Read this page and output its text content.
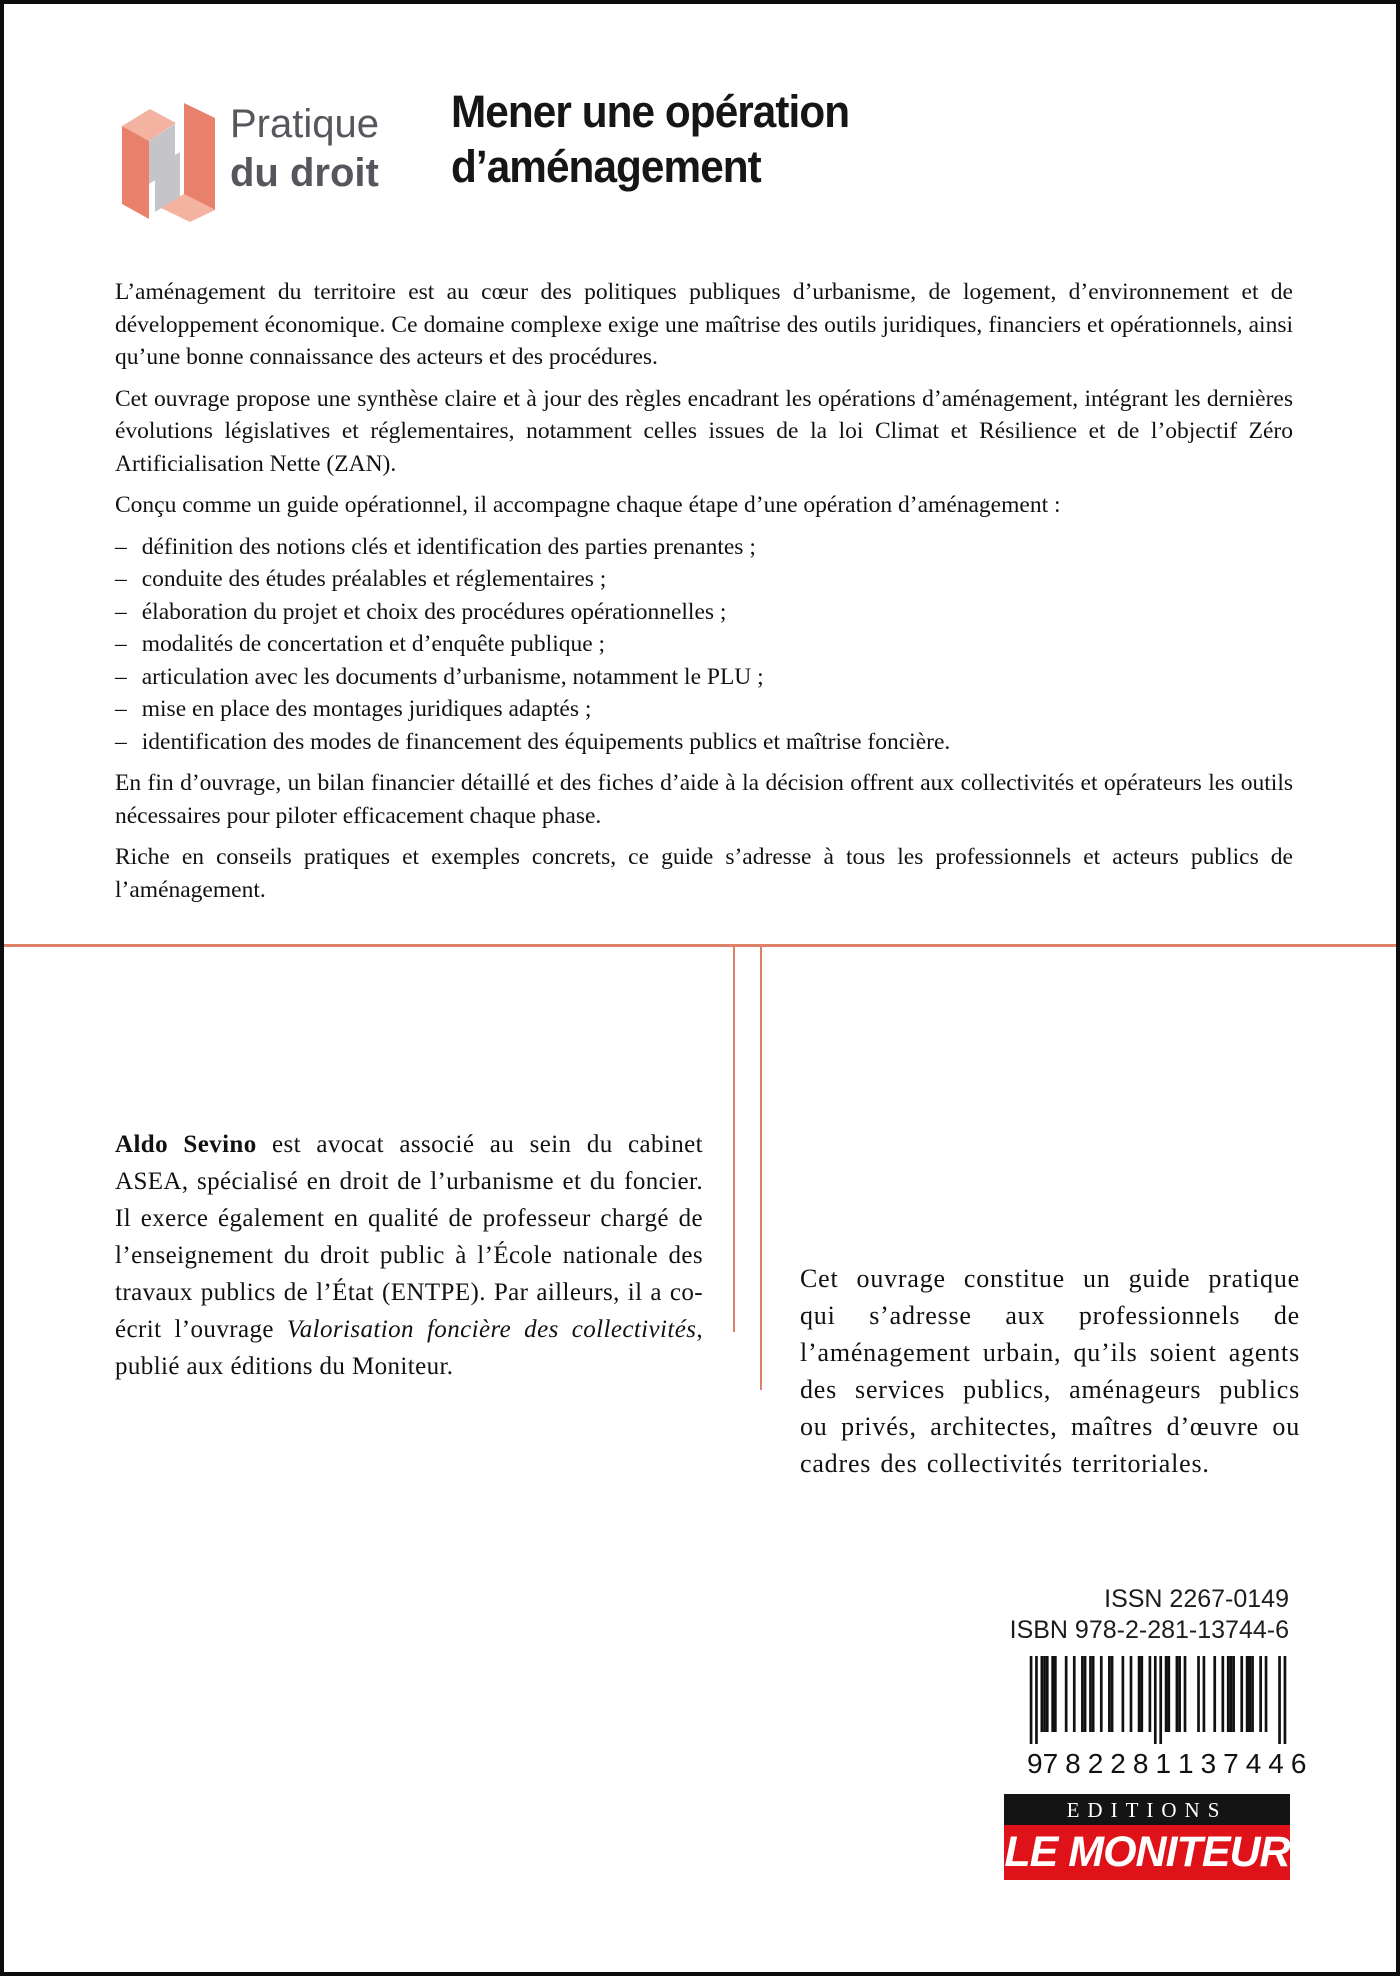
Pratique
du droit
Mener une opération
d’aménagement

L’aménagement du territoire est au cœur des politiques publiques d’urbanisme, de logement, d’environnement et de développement économique. Ce domaine complexe exige une maîtrise des outils juridiques, financiers et opérationnels, ainsi qu’une bonne connaissance des acteurs et des procédures.

Cet ouvrage propose une synthèse claire et à jour des règles encadrant les opérations d’aménagement, intégrant les dernières évolutions législatives et réglementaires, notamment celles issues de la loi Climat et Résilience et de l’objectif Zéro Artificialisation Nette (ZAN).

Conçu comme un guide opérationnel, il accompagne chaque étape d’une opération d’aménagement :

– définition des notions clés et identification des parties prenantes ;
– conduite des études préalables et réglementaires ;
– élaboration du projet et choix des procédures opérationnelles ;
– modalités de concertation et d’enquête publique ;
– articulation avec les documents d’urbanisme, notamment le PLU ;
– mise en place des montages juridiques adaptés ;
– identification des modes de financement des équipements publics et maîtrise foncière.

En fin d’ouvrage, un bilan financier détaillé et des fiches d’aide à la décision offrent aux collectivités et opérateurs les outils nécessaires pour piloter efficacement chaque phase.

Riche en conseils pratiques et exemples concrets, ce guide s’adresse à tous les professionnels et acteurs publics de l’aménagement.

Aldo Sevino est avocat associé au sein du cabinet ASEA, spécialisé en droit de l’urbanisme et du foncier. Il exerce également en qualité de professeur chargé de l’enseignement du droit public à l’École nationale des travaux publics de l’État (ENTPE). Par ailleurs, il a co-écrit l’ouvrage Valorisation foncière des collectivités, publié aux éditions du Moniteur.
Cet ouvrage constitue un guide pratique qui s’adresse aux professionnels de l’aménagement urbain, qu’ils soient agents des services publics, aménageurs publics ou privés, architectes, maîtres d’œuvre ou cadres des collectivités territoriales.
ISSN 2267-0149
ISBN 978-2-281-13744-6
9 782281 137446
EDITIONS
LE MONITEUR
